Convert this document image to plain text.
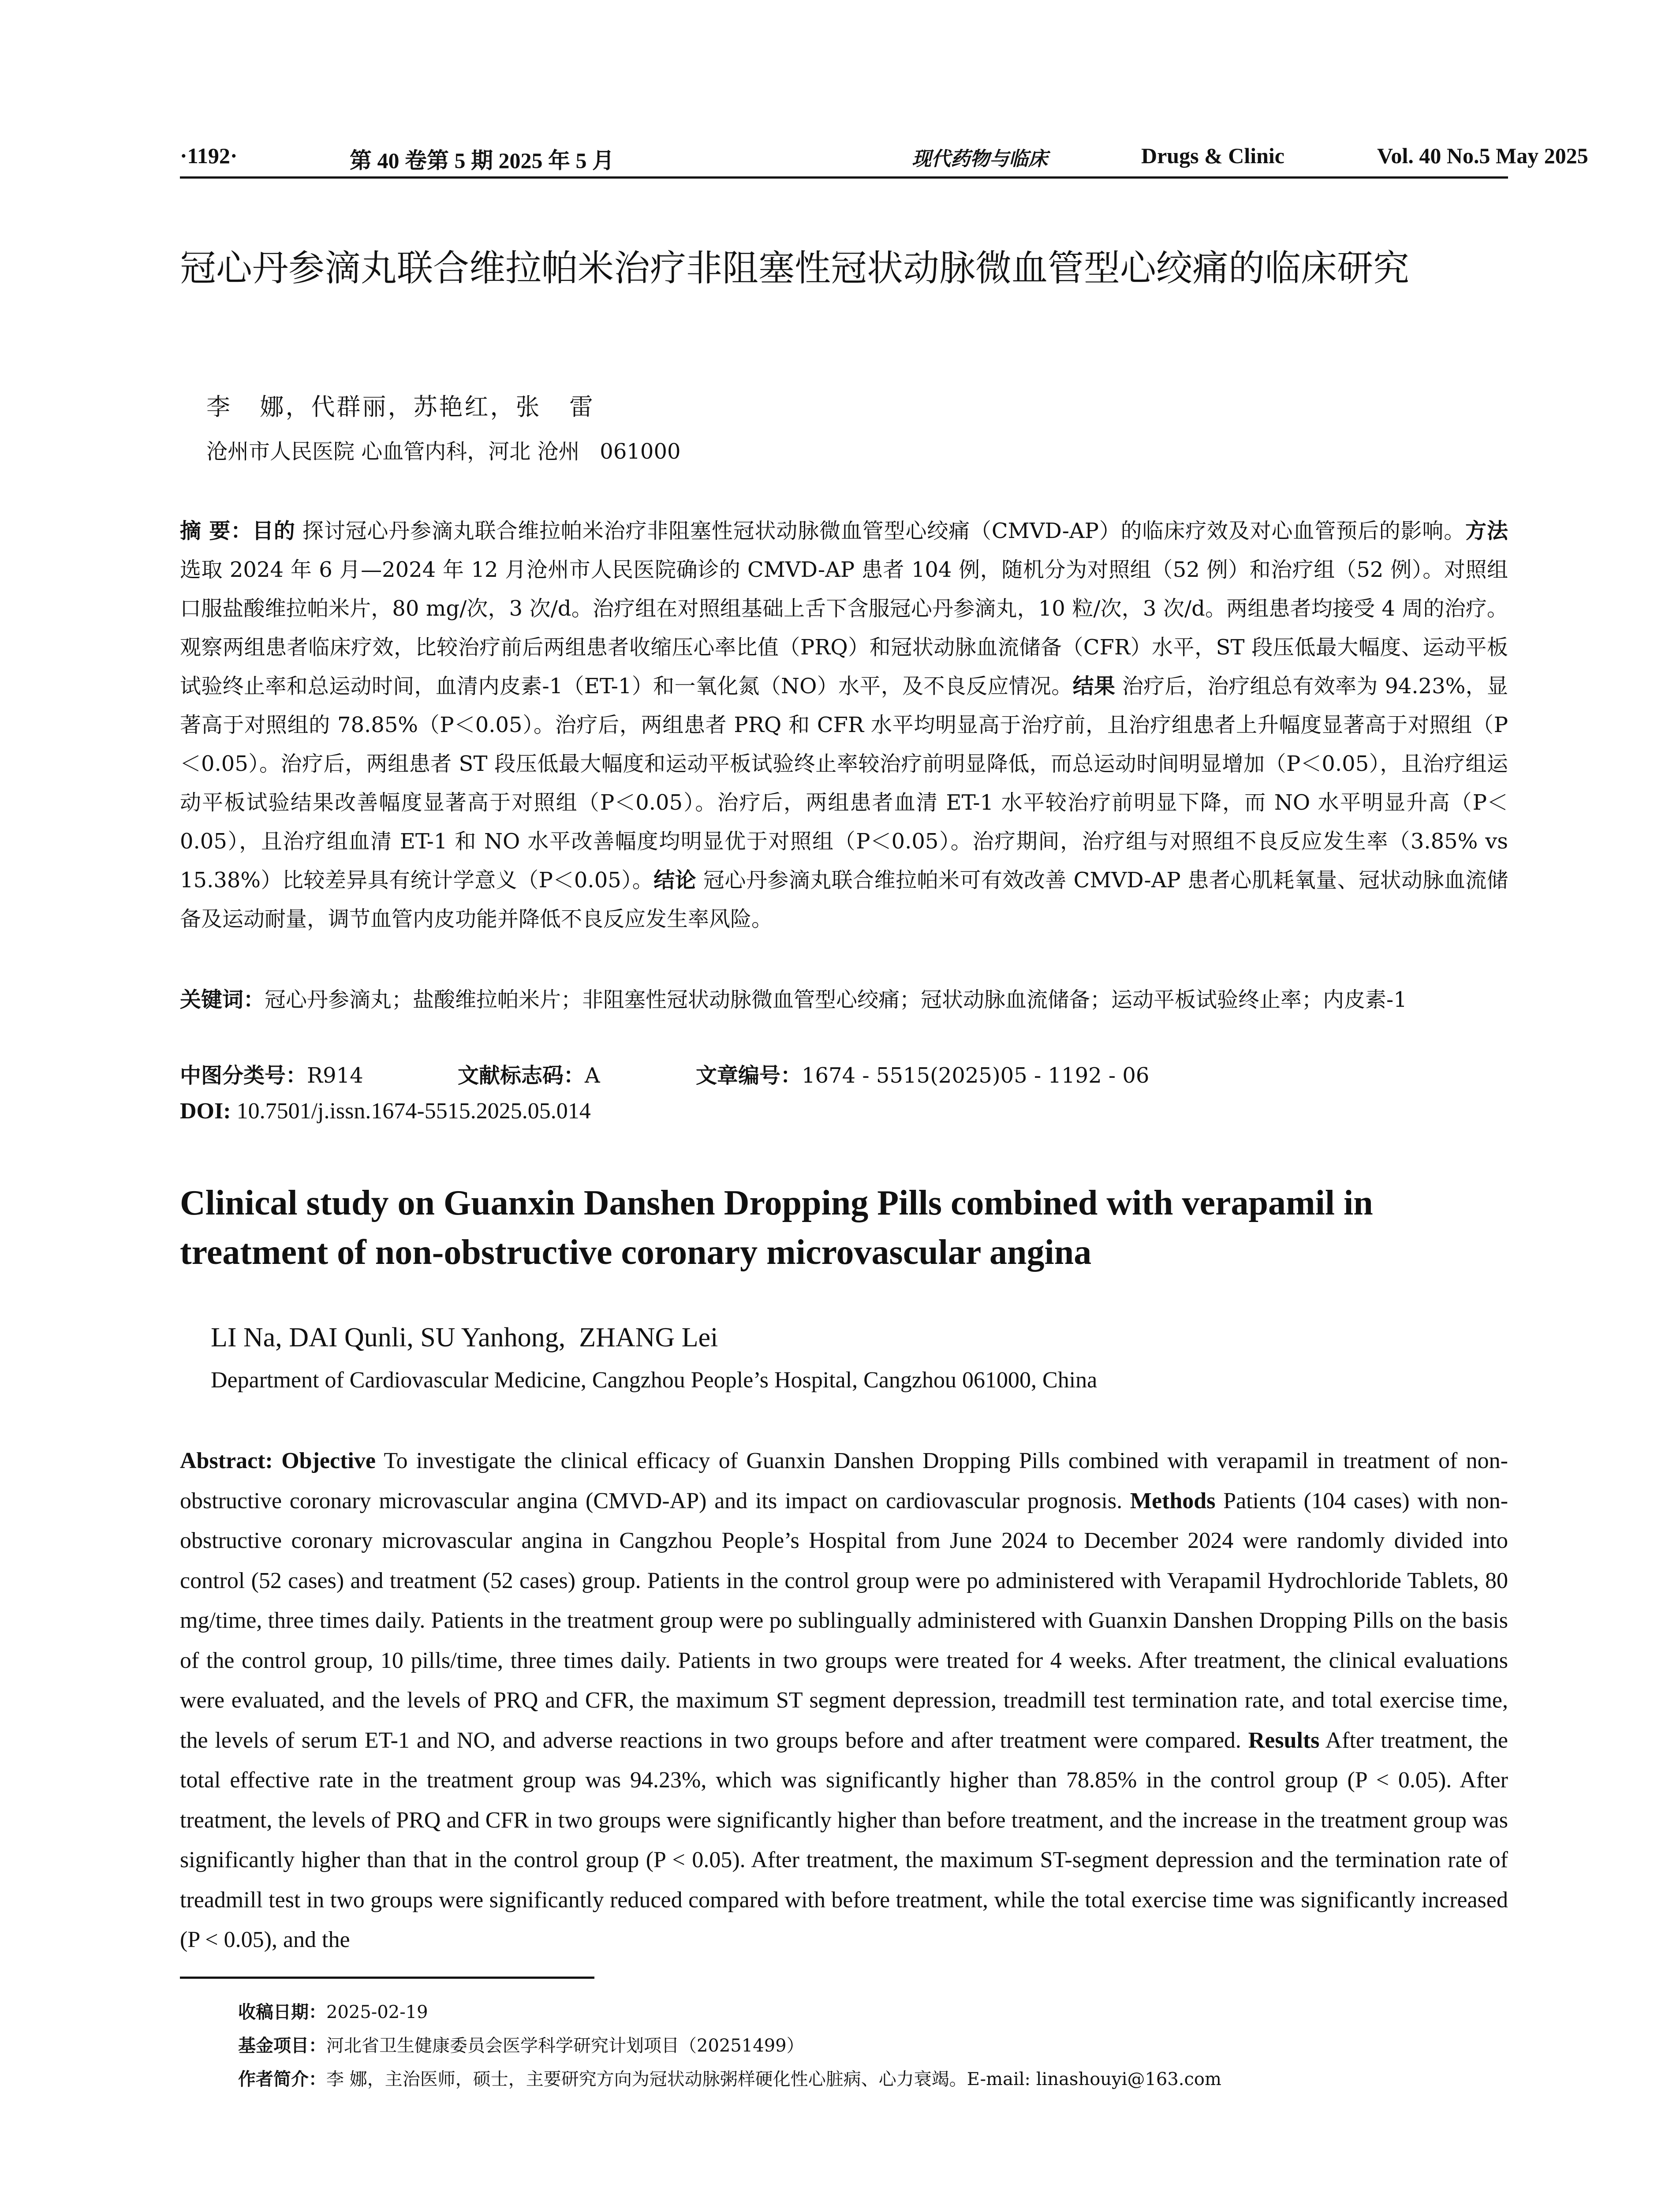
·1192·	第 40 卷第 5 期 2025 年 5 月	现代药物与临床	Drugs & Clinic	Vol. 40 No.5 May 2025
冠心丹参滴丸联合维拉帕米治疗非阻塞性冠状动脉微血管型心绞痛的临床研究
李   娜，代群丽，苏艳红，张   雷
沧州市人民医院 心血管内科，河北 沧州   061000

摘 要：目的 探讨冠心丹参滴丸联合维拉帕米治疗非阻塞性冠状动脉微血管型心绞痛（CMVD-AP）的临床疗效及对心血管预后的影响。方法 选取 2024 年 6 月—2024 年 12 月沧州市人民医院确诊的 CMVD-AP 患者 104 例，随机分为对照组（52 例）和治疗组（52 例）。对照组口服盐酸维拉帕米片，80 mg/次，3 次/d。治疗组在对照组基础上舌下含服冠心丹参滴丸，10 粒/次，3 次/d。两组患者均接受 4 周的治疗。观察两组患者临床疗效，比较治疗前后两组患者收缩压心率比值（PRQ）和冠状动脉血流储备（CFR）水平，ST 段压低最大幅度、运动平板试验终止率和总运动时间，血清内皮素-1（ET-1）和一氧化氮（NO）水平，及不良反应情况。结果 治疗后，治疗组总有效率为 94.23%，显著高于对照组的 78.85%（P＜0.05）。治疗后，两组患者 PRQ 和 CFR 水平均明显高于治疗前，且治疗组患者上升幅度显著高于对照组（P＜0.05）。治疗后，两组患者 ST 段压低最大幅度和运动平板试验终止率较治疗前明显降低，而总运动时间明显增加（P＜0.05），且治疗组运动平板试验结果改善幅度显著高于对照组（P＜0.05）。治疗后，两组患者血清 ET-1 水平较治疗前明显下降，而 NO 水平明显升高（P＜0.05），且治疗组血清 ET-1 和 NO 水平改善幅度均明显优于对照组（P＜0.05）。治疗期间，治疗组与对照组不良反应发生率（3.85% vs 15.38%）比较差异具有统计学意义（P＜0.05）。结论 冠心丹参滴丸联合维拉帕米可有效改善 CMVD-AP 患者心肌耗氧量、冠状动脉血流储备及运动耐量，调节血管内皮功能并降低不良反应发生率风险。

关键词：冠心丹参滴丸；盐酸维拉帕米片；非阻塞性冠状动脉微血管型心绞痛；冠状动脉血流储备；运动平板试验终止率；内皮素-1

中图分类号：R914	文献标志码：A	文章编号：1674 - 5515(2025)05 - 1192 - 06
DOI: 10.7501/j.issn.1674-5515.2025.05.014
Clinical study on Guanxin Danshen Dropping Pills combined with verapamil in treatment of non-obstructive coronary microvascular angina
LI Na, DAI Qunli, SU Yanhong,  ZHANG Lei
Department of Cardiovascular Medicine, Cangzhou People’s Hospital, Cangzhou 061000, China

Abstract: Objective To investigate the clinical efficacy of Guanxin Danshen Dropping Pills combined with verapamil in treatment of non-obstructive coronary microvascular angina (CMVD-AP) and its impact on cardiovascular prognosis. Methods Patients (104 cases) with non-obstructive coronary microvascular angina in Cangzhou People’s Hospital from June 2024 to December 2024 were randomly divided into control (52 cases) and treatment (52 cases) group. Patients in the control group were po administered with Verapamil Hydrochloride Tablets, 80 mg/time, three times daily. Patients in the treatment group were po sublingually administered with Guanxin Danshen Dropping Pills on the basis of the control group, 10 pills/time, three times daily. Patients in two groups were treated for 4 weeks. After treatment, the clinical evaluations were evaluated, and the levels of PRQ and CFR, the maximum ST segment depression, treadmill test termination rate, and total exercise time, the levels of serum ET-1 and NO, and adverse reactions in two groups before and after treatment were compared. Results After treatment, the total effective rate in the treatment group was 94.23%, which was significantly higher than 78.85% in the control group (P < 0.05). After treatment, the levels of PRQ and CFR in two groups were significantly higher than before treatment, and the increase in the treatment group was significantly higher than that in the control group (P < 0.05). After treatment, the maximum ST-segment depression and the termination rate of treadmill test in two groups were significantly reduced compared with before treatment, while the total exercise time was significantly increased (P < 0.05), and the

收稿日期：2025-02-19
基金项目：河北省卫生健康委员会医学科学研究计划项目（20251499）
作者简介：李 娜，主治医师，硕士，主要研究方向为冠状动脉粥样硬化性心脏病、心力衰竭。E-mail: linashouyi@163.com
